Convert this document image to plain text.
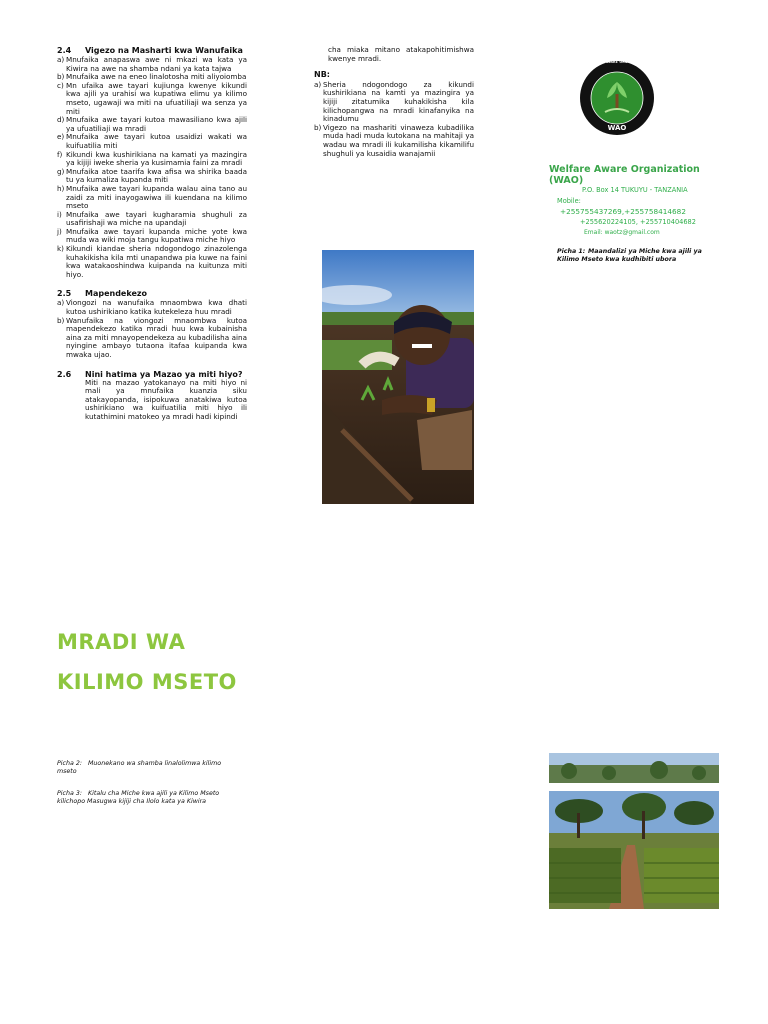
2.4	Vigezo na Masharti kwa Wanufaika
a) Mnufaika anapaswa awe ni mkazi wa kata ya Kiwira na awe na shamba ndani ya kata tajwa
b) Mnufaika awe na eneo linalotosha miti aliyoiomba
c) Mn ufaika awe tayari kujiunga kwenye kikundi kwa ajili ya urahisi wa kupatiwa elimu ya kilimo mseto, ugawaji wa miti na ufuatiliaji wa senza ya miti
d) Mnufaika awe tayari kutoa mawasiliano kwa ajili ya ufuatiliaji wa mradi
e) Mnufaika awe tayari kutoa usaidizi wakati wa kuifuatilia miti
f) Kikundi kwa kushirikiana na kamati ya mazingira ya kijiji iweke sheria ya kusimamia faini za mradi
g) Mnufaika atoe taarifa kwa afisa wa shirika baada tu ya kumaliza kupanda miti
h) Mnufaika awe tayari kupanda walau aina tano au zaidi za miti inayogawiwa ili kuendana na kilimo mseto
i) Mnufaika awe tayari kugharamia shughuli za usafirishaji wa miche na upandaji
j) Mnufaika awe tayari kupanda miche yote kwa muda wa wiki moja tangu kupatiwa miche hiyo
k) Kikundi kiandae sheria ndogondogo zinazolenga kuhakikisha kila mti unapandwa pia kuwe na faini kwa watakaoshindwa kuipanda na kuitunza miti hiyo.
2.5	Mapendekezo
a) Viongozi na wanufaika mnaombwa kwa dhati kutoa ushirikiano katika kutekeleza huu mradi
b) Wanufaika na viongozi mnaombwa kutoa mapendekezo katika mradi huu kwa kubainisha aina za miti mnayopendekeza au kubadilisha aina nyingine ambayo tutaona itafaa kuipanda kwa mwaka ujao.
2.6	Nini hatima ya Mazao ya miti hiyo?

Miti na mazao yatokanayo na miti hiyo ni mali ya mnufaika kuanzia siku atakayopanda, isipokuwa anatakiwa kutoa ushirikiano wa kuifuatilia miti hiyo ili kutathimini matokeo ya mradi hadi kipindi

cha miaka mitano atakapohitimishwa kwenye mradi.

NB:
a) Sheria ndogondogo za kikundi kushirikiana na kamti ya mazingira ya kijiji zitatumika kuhakikisha kila kilichopangwa na mradi kinafanyika na kinadumu
b) Vigezo na mashariti vinaweza kubadilika muda hadi muda kutokana na mahitaji ya wadau wa mradi ili kukamilisha kikamilifu shughuli ya kusaidia wanajamii
WELFARE AWARE ORGANIZATION
WAO
Welfare Aware Organization (WAO)
P.O. Box 14 TUKUYU - TANZANIA
Mobile:
+255755437269,+255758414682
+255620224105, +255710404682
Email: waotz@gmail.com
Picha 1: Maandalizi ya Miche kwa ajili ya Kilimo Mseto kwa kudhibiti ubora
MRADI WA
KILIMO MSETO
Picha 2: Muonekano wa shamba linalolimwa kilimo mseto
Picha 3: Kitalu cha Miche kwa ajili ya Kilimo Mseto kilichopo Masugwa kijiji cha Ilolo kata ya Kiwira
